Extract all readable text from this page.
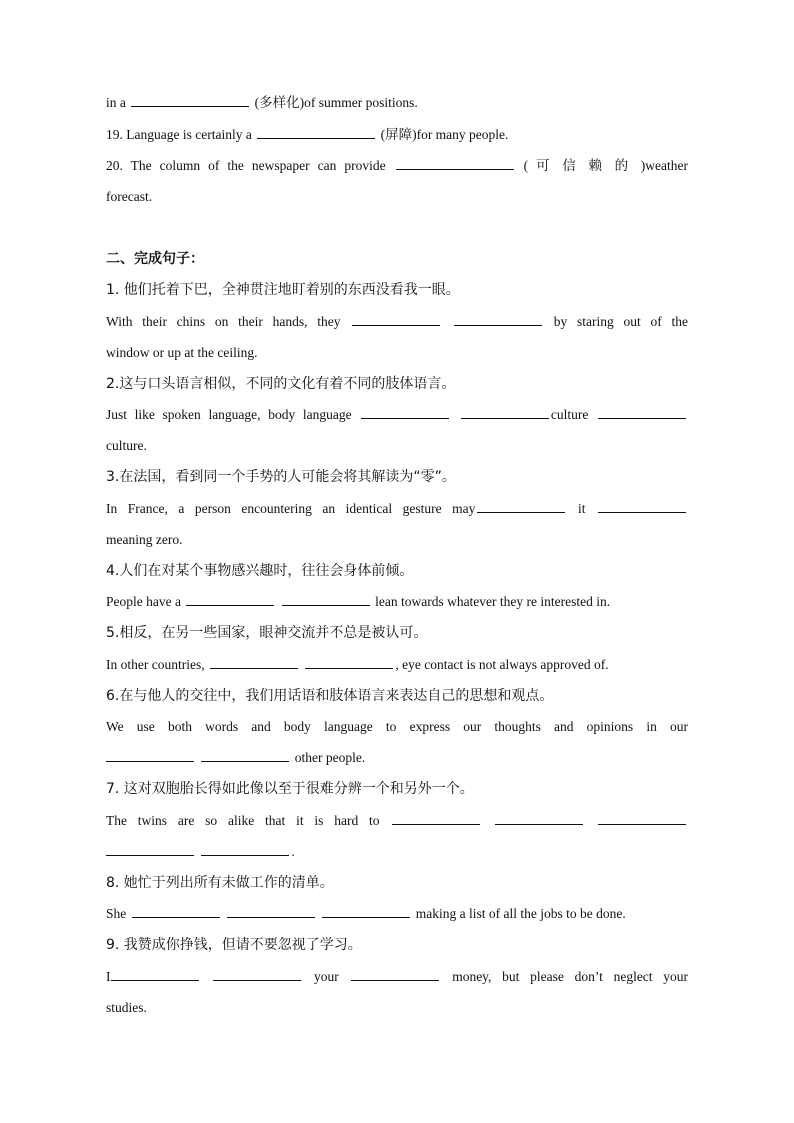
in a	(多样化)of summer positions.
19. Language is certainly a	(屏障)for many people.
20. The column of the newspaper can provide	( 可 信 赖 的 )weather
forecast.
二、完成句子：
1. 他们托着下巴，全神贯注地盯着别的东西没看我一眼。
With their chins on their hands, they	by staring out of the
window or up at the ceiling.
2.这与口头语言相似，不同的文化有着不同的肢体语言。
Just like spoken language, body language	culture
culture.
3.在法国，看到同一个手势的人可能会将其解读为“零”。
In France, a person encountering an identical gesture may	it
meaning zero.
4.人们在对某个事物感兴趣时，往往会身体前倾。
People have a	lean towards whatever they re interested in.
5.相反，在另一些国家，眼神交流并不总是被认可。
In other countries,	, eye contact is not always approved of.
6.在与他人的交往中，我们用话语和肢体语言来表达自己的思想和观点。
We use both words and body language to express our thoughts and opinions in our
other people.
7. 这对双胞胎长得如此像以至于很难分辨一个和另外一个。
The twins are so alike that it is hard to
.
8. 她忙于列出所有未做工作的清单。
She	making a list of all the jobs to be done.
9. 我赞成你挣钱，但请不要忽视了学习。
I	your	money, but please don’t neglect your
studies.
